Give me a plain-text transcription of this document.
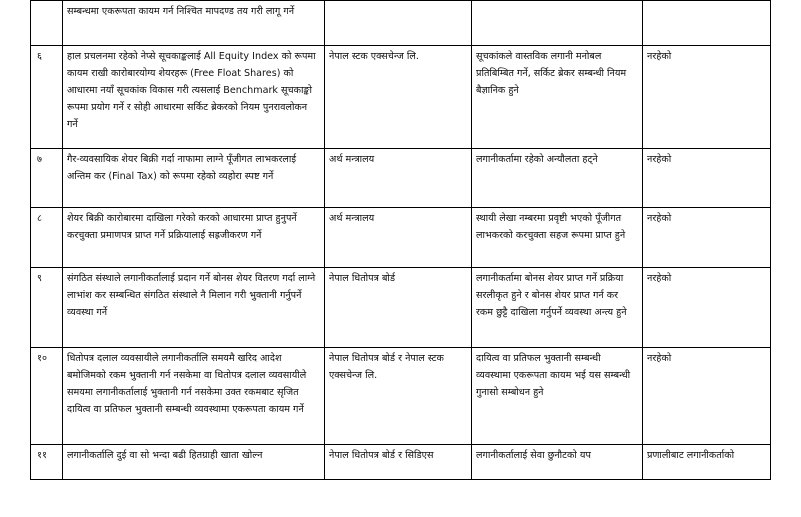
	सम्बन्धमा एकरूपता कायम गर्न निश्चित मापदण्ड तय गरी लागू गर्ने			
६	हाल प्रचलनमा रहेको नेप्से सूचकाङ्कलाई All Equity Index को रूपमा कायम राखी कारोबारयोग्य शेयरहरू (Free Float Shares) को आधारमा नयाँ सूचकांक विकास गरी त्यसलाई Benchmark सूचकाङ्को रूपमा प्रयोग गर्ने र सोही आधारमा सर्किट ब्रेकरको नियम पुनरावलोकन गर्ने	नेपाल स्टक एक्सचेन्ज लि.	सूचकांकले वास्तविक लगानी मनोबल प्रतिबिम्बित गर्ने, सर्किट ब्रेकर सम्बन्धी नियम बैज्ञानिक हुने	नरहेको
७	गैर-व्यवसायिक शेयर बिक्री गर्दा नाफामा लाग्ने पूँजीगत लाभकरलाई अन्तिम कर (Final Tax) को रूपमा रहेको व्यहोरा स्पष्ट गर्ने	अर्थ मन्त्रालय	लगानीकर्तामा रहेको अन्यौलता हट्ने	नरहेको
८	शेयर बिक्री कारोबारमा दाखिला गरेको करको आधारमा प्राप्त हुनुपर्ने करचुक्ता प्रमाणपत्र प्राप्त गर्ने प्रक्रियालाई सह्रजीकरण गर्ने	अर्थ मन्त्रालय	स्थायी लेखा नम्बरमा प्रवृष्टी भएको पूँजीगत लाभकरको करचुक्ता सहज रूपमा प्राप्त हुने	नरहेको
९	संगठित संस्थाले लगानीकर्तालाई प्रदान गर्ने बोनस शेयर वितरण गर्दा लाग्ने लाभांश कर सम्बन्धित संगठित संस्थाले नै मिलान गरी भुक्तानी गर्नुपर्ने व्यवस्था गर्ने	नेपाल धितोपत्र बोर्ड	लगानीकर्तामा बोनस शेयर प्राप्त गर्ने प्रक्रिया सरलीकृत हुने र बोनस शेयर प्राप्त गर्न कर रकम छुट्टै दाखिला गर्नुपर्ने व्यवस्था अन्त्य हुने	नरहेको
१०	धितोपत्र दलाल व्यवसायीले लगानीकर्तालि समयमै खरिद आदेश बमोजिमको रकम भुक्तानी गर्न नसकेमा वा धितोपत्र दलाल व्यवसायीले समयमा लगानीकर्तालाई भुक्तानी गर्न नसकेमा उक्त रकमबाट सृजित दायित्व वा प्रतिफल भुक्तानी सम्बन्धी व्यवस्थामा एकरूपता कायम गर्ने	नेपाल धितोपत्र बोर्ड र नेपाल स्टक एक्सचेन्ज लि.	दायित्व वा प्रतिफल भुक्तानी सम्बन्धी व्यवस्थामा एकरूपता कायम भई यस सम्बन्धी गुनासो सम्बोधन हुने	नरहेको
११	लगानीकर्तालि दुई वा सो भन्दा बढी हितग्राही खाता खोल्न	नेपाल धितोपत्र बोर्ड र सिडिएस	लगानीकर्तालाई सेवा छुनौटको यप	प्रणालीबाट लगानीकर्ताको
